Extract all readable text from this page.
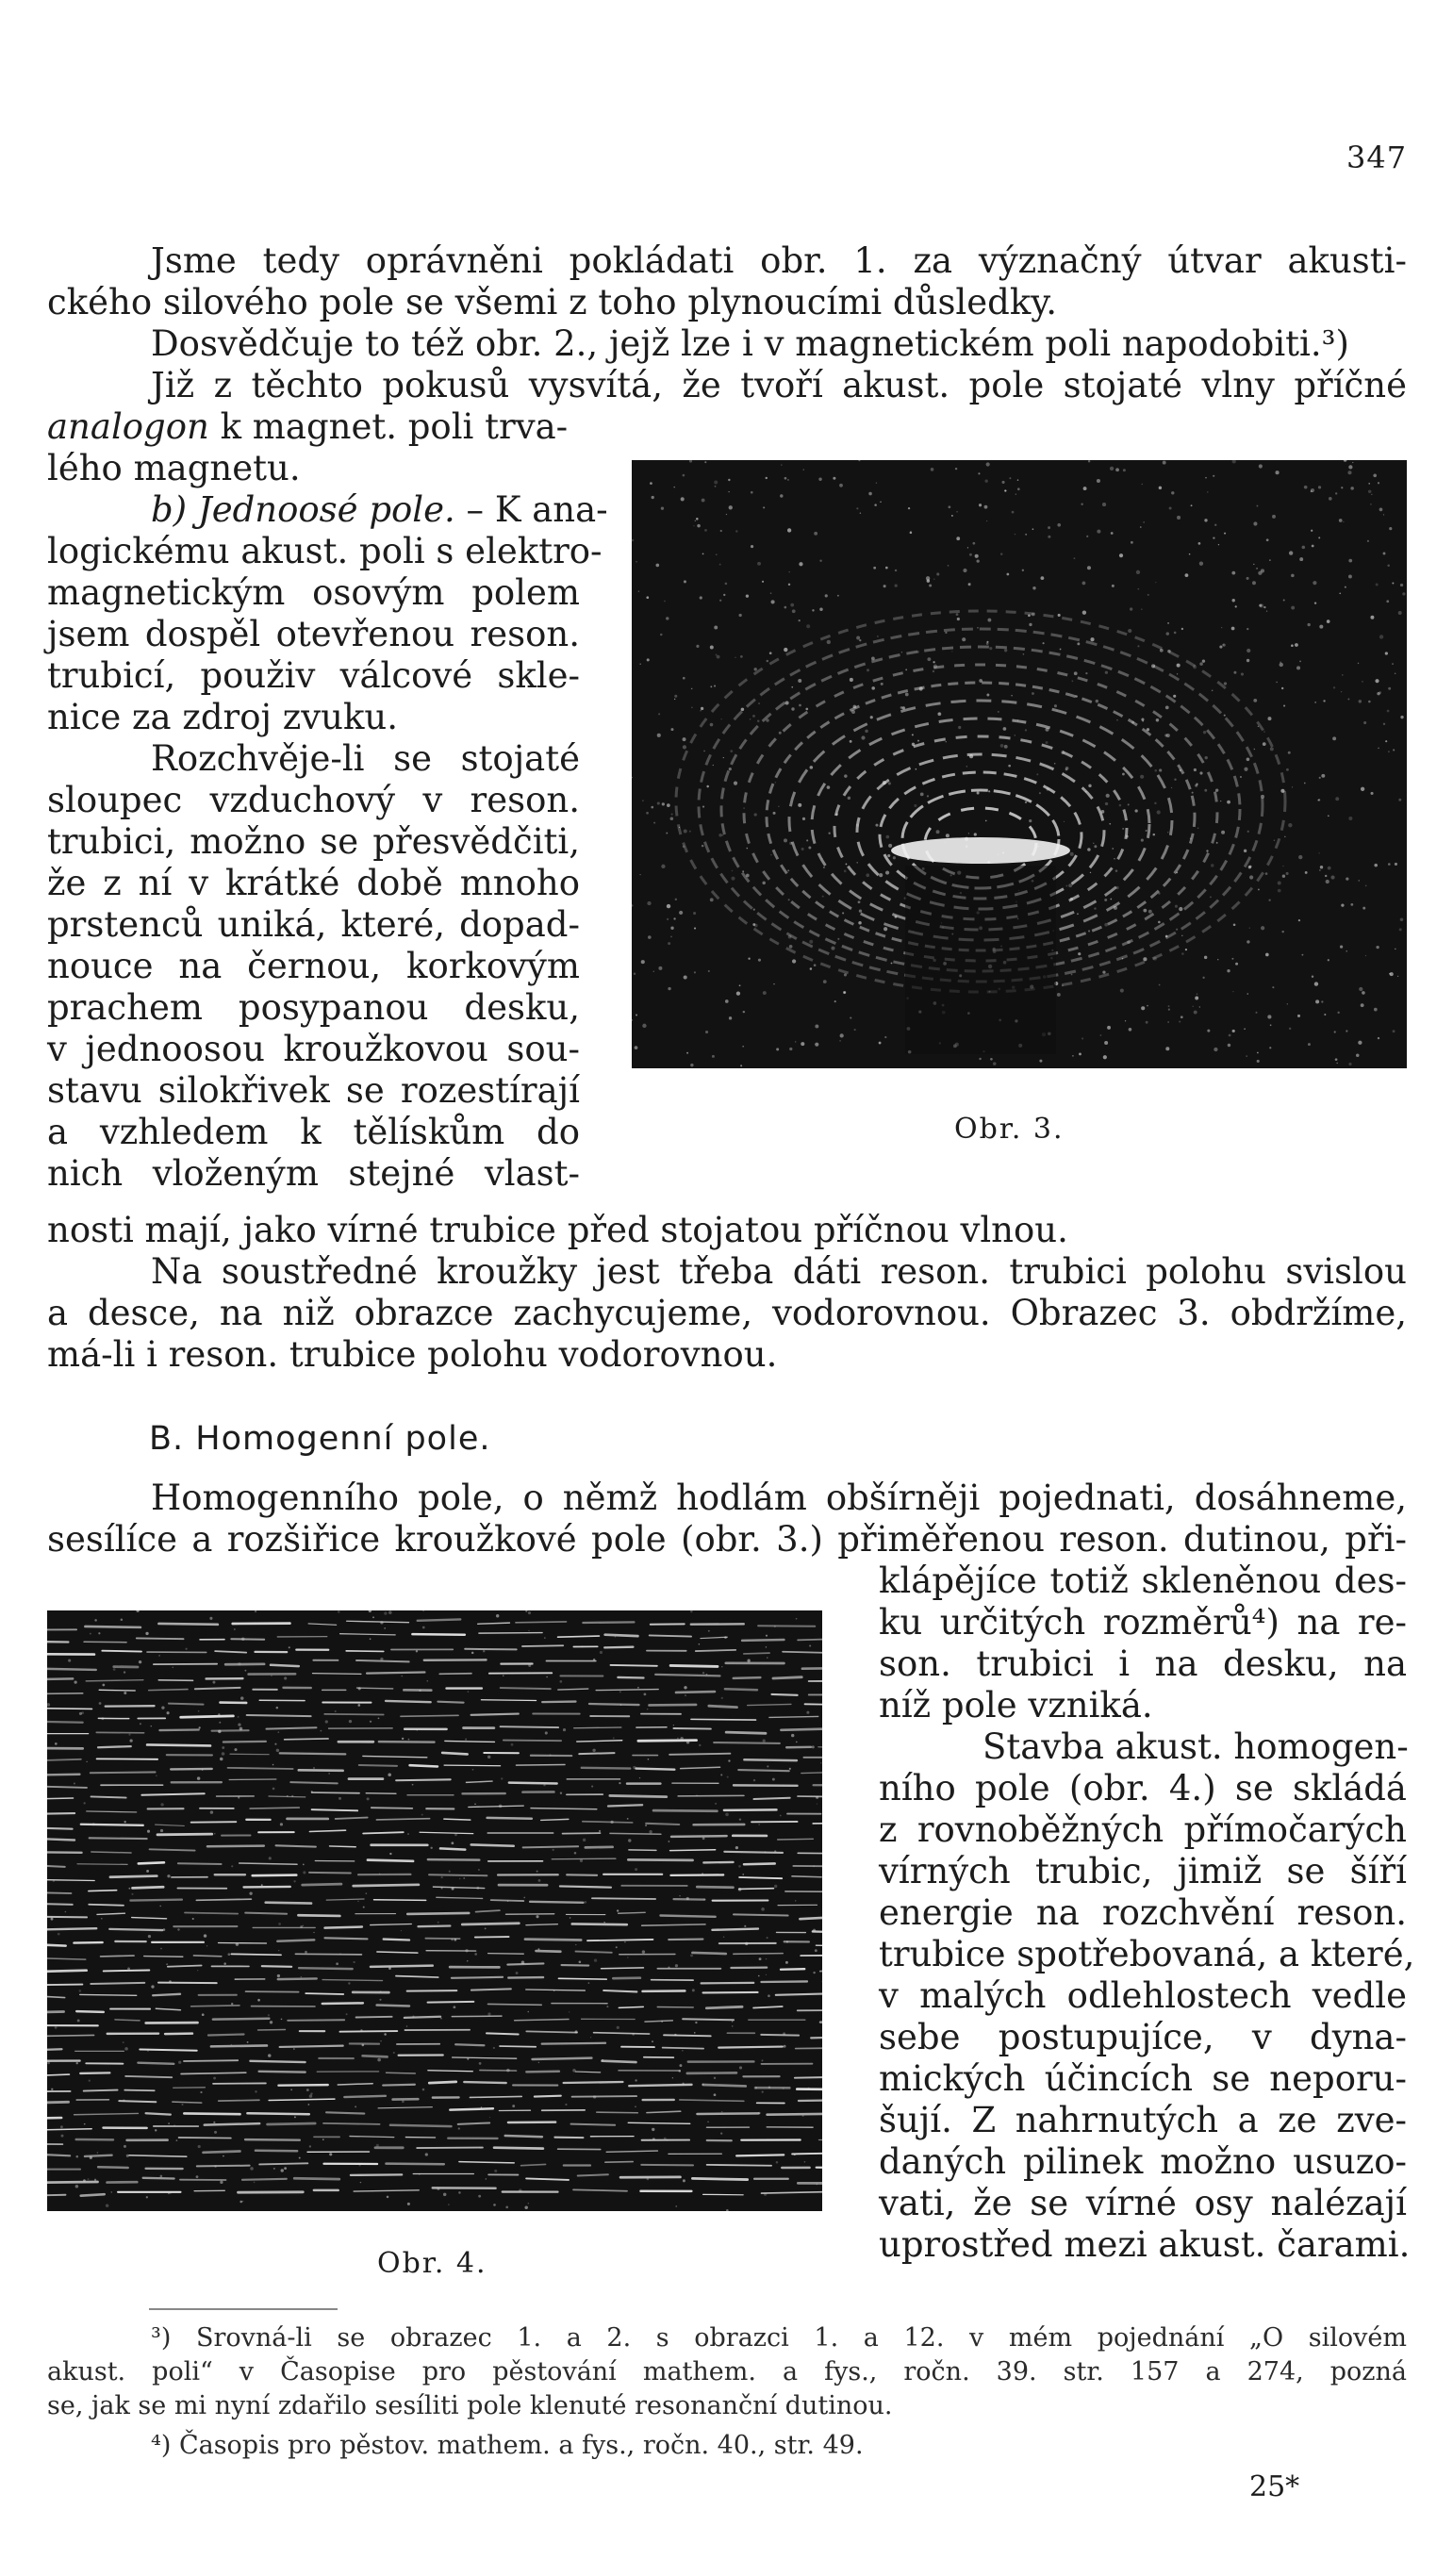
347

Jsme tedy oprávněni pokládati obr. 1. za význačný útvar akusti-

ckého silového pole se všemi z toho plynoucími důsledky.

Dosvědčuje to též obr. 2., jejž lze i v magnetickém poli napodobiti.³)

Již z těchto pokusů vysvítá, že tvoří akust. pole stojaté vlny příčné

analogon k magnet. poli trva-

lého magnetu.

b) Jednoosé pole. – K ana-

logickému akust. poli s elektro-

magnetickým osovým polem

jsem dospěl otevřenou reson.

trubicí, použiv válcové skle-

nice za zdroj zvuku.

Rozchvěje-li se stojaté

sloupec vzduchový v reson.

trubici, možno se přesvědčiti,

že z ní v krátké době mnoho

prstenců uniká, které, dopad-

nouce na černou, korkovým

prachem posypanou desku,

v jednoosou kroužkovou sou-

stavu silokřivek se rozestírají

a vzhledem k tělískům do

nich vloženým stejné vlast-

Obr. 3.

nosti mají, jako vírné trubice před stojatou příčnou vlnou.

Na soustředné kroužky jest třeba dáti reson. trubici polohu svislou

a desce, na niž obrazce zachycujeme, vodorovnou. Obrazec 3. obdržíme,

má-li i reson. trubice polohu vodorovnou.

B. Homogenní pole.

Homogenního pole, o němž hodlám obšírněji pojednati, dosáhneme,

sesílíce a rozšiřice kroužkové pole (obr. 3.) přiměřenou reson. dutinou, při-

Obr. 4.

klápějíce totiž skleněnou des-

ku určitých rozměrů⁴) na re-

son. trubici i na desku, na

níž pole vzniká.

Stavba akust. homogen-

ního pole (obr. 4.) se skládá

z rovnoběžných přímočarých

vírných trubic, jimiž se šíří

energie na rozchvění reson.

trubice spotřebovaná, a které,

v malých odlehlostech vedle

sebe postupujíce, v dyna-

mických účincích se neporu-

šují. Z nahrnutých a ze zve-

daných pilinek možno usuzo-

vati, že se vírné osy nalézají

uprostřed mezi akust. čarami.

³) Srovná-li se obrazec 1. a 2. s obrazci 1. a 12. v mém pojednání „O silovém

akust. poli“ v Časopise pro pěstování mathem. a fys., ročn. 39. str. 157 a 274, pozná

se, jak se mi nyní zdařilo sesíliti pole klenuté resonanční dutinou.

⁴) Časopis pro pěstov. mathem. a fys., ročn. 40., str. 49.

25*
